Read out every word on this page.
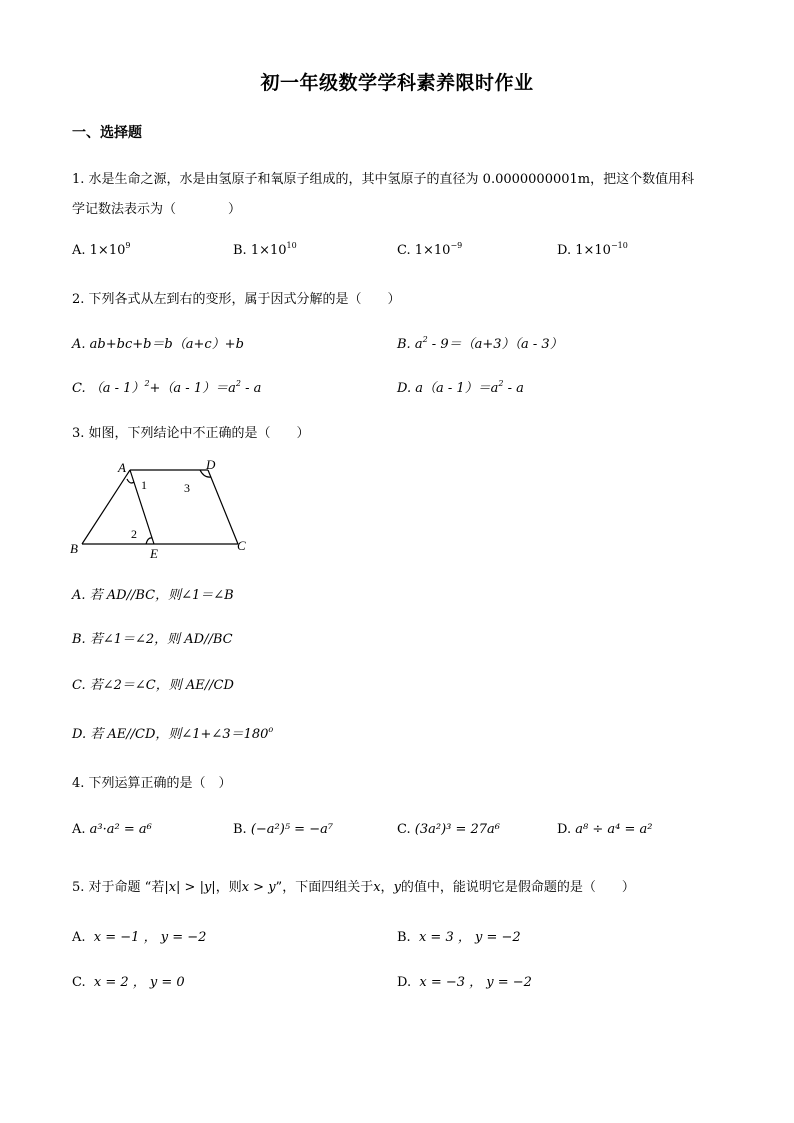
初一年级数学学科素养限时作业
一、选择题
1. 水是生命之源，水是由氢原子和氧原子组成的，其中氢原子的直径为 0.0000000001m，把这个数值用科
学记数法表示为（　　　　）
A. $1\times 10^9$	B. $1\times 10^{10}$	C. $1\times 10^{-9}$	D. $1\times 10^{-10}$
2. 下列各式从左到右的变形，属于因式分解的是（　　）
A. ab+bc+b＝b（a+c）+b	B. $a^2 - 9=(a+3)(a - 3)$
C. $(a - 1)^2+(a - 1)=a^2 - a$	D. $a(a - 1)=a^2 - a$
3. 如图，下列结论中不正确的是（　　）
A	D
B	E
C
1	3
2
A. 若 AD//BC，则∠1＝∠B
B. 若∠1＝∠2，则 AD//BC
C. 若∠2＝∠C，则 AE//CD
D. 若 AE//CD，则$\angle 1+\angle 3=180^o$
4. 下列运算正确的是（　）
A. a³·a² = a⁶	B. (−a²)⁵ = −a⁷	C. (3a²)³ = 27a⁶	D. a⁸ ÷ a⁴ = a²
5. 对于命题 “若|x| > |y|，则x > y”，下面四组关于x，y的值中，能说明它是假命题的是（　　）
A. x = −1 ， y = −2	B. x = 3 ， y = −2
C. x = 2 ， y = 0	D. x = −3 ， y = −2
